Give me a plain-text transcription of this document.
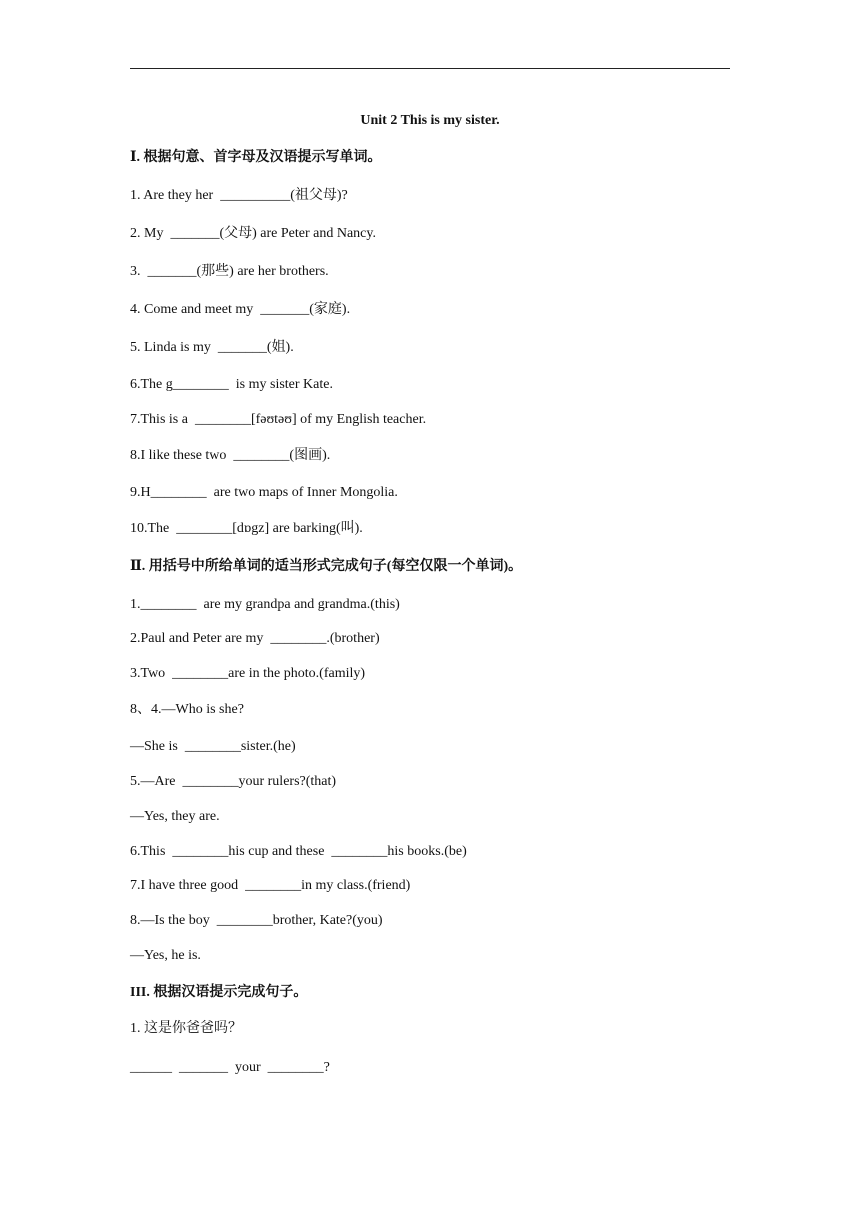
Unit 2 This is my sister.
Ⅰ. 根据句意、首字母及汉语提示写单词。
1. Are they her  __________(祖父母)?
2. My  _______(父母) are Peter and Nancy.
3.  _______(那些) are her brothers.
4. Come and meet my  _______(家庭).
5. Linda is my  _______(姐).
6.The g________  is my sister Kate.
7.This is a  ________[fəʊtəʊ] of my English teacher.
8.I like these two  ________(图画).
9.H________  are two maps of Inner Mongolia.
10.The  ________[dɒgz] are barking(叫).
Ⅱ. 用括号中所给单词的适当形式完成句子(每空仅限一个单词)。
1.________  are my grandpa and grandma.(this)
2.Paul and Peter are my  ________.(brother)
3.Two  ________are in the photo.(family)
8、4.—Who is she?
—She is  ________sister.(he)
5.—Are  ________your rulers?(that)
—Yes, they are.
6.This  ________his cup and these  ________his books.(be)
7.I have three good  ________in my class.(friend)
8.—Is the boy  ________brother, Kate?(you)
—Yes, he is.
III. 根据汉语提示完成句子。
1. 这是你爸爸吗？
______  _______  your  ________?
